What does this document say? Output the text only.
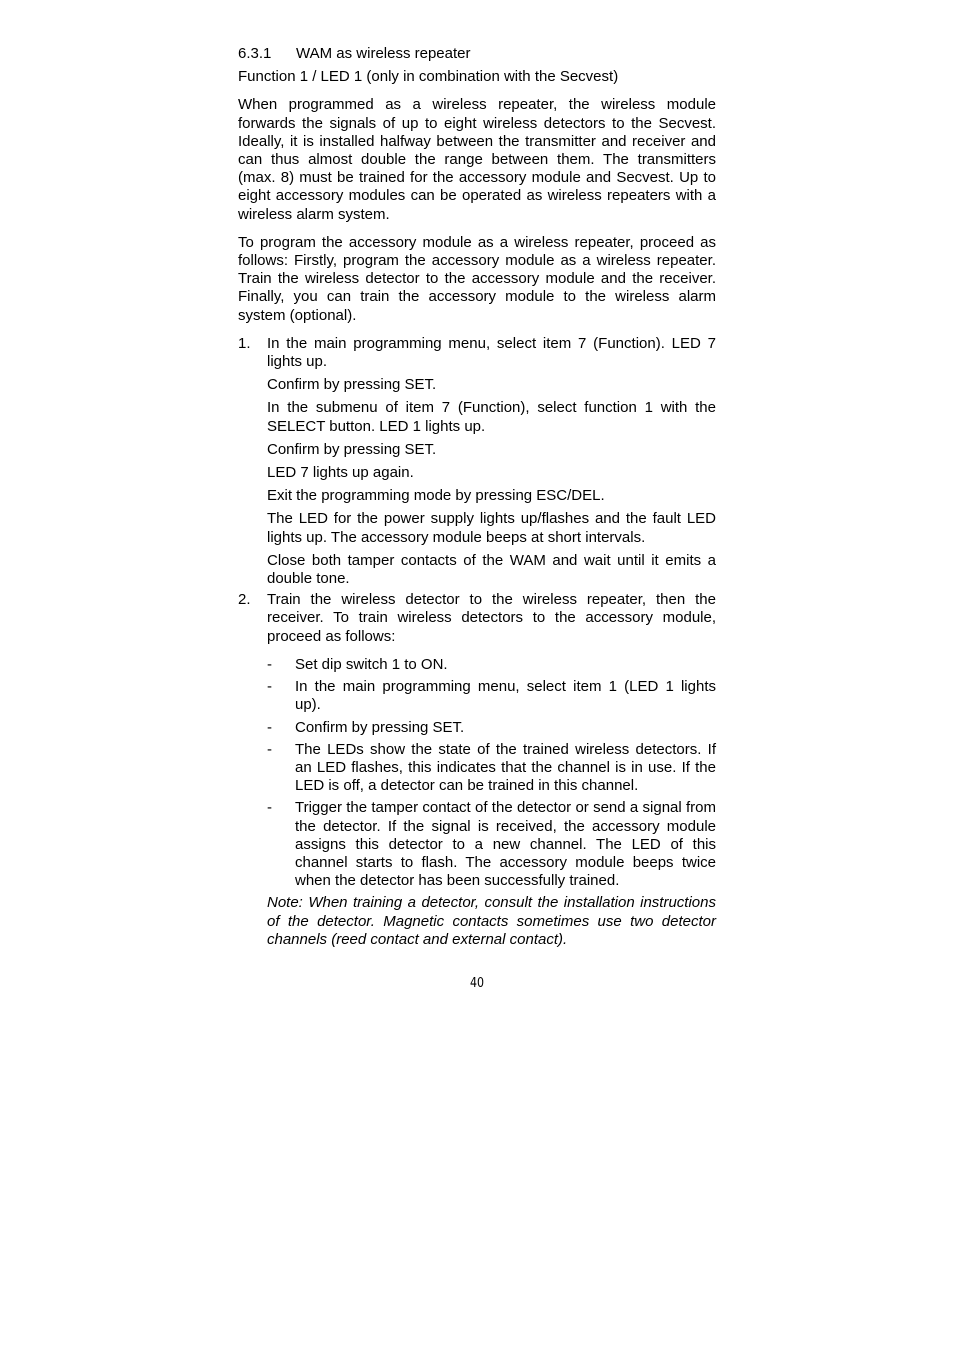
6.3.1	WAM as wireless repeater

Function 1 / LED 1 (only in combination with the Secvest)

When programmed as a wireless repeater, the wireless module forwards the signals of up to eight wireless detectors to the Secvest. Ideally, it is installed halfway between the transmitter and receiver and can thus almost double the range between them. The transmitters (max. 8) must be trained for the accessory module and Secvest. Up to eight accessory modules can be operated as wireless repeaters with a wireless alarm system.

To program the accessory module as a wireless repeater, proceed as follows: Firstly, program the accessory module as a wireless repeater. Train the wireless detector to the accessory module and the receiver. Finally, you can train the accessory module to the wireless alarm system (optional).

1.	In the main programming menu, select item 7 (Function). LED 7 lights up.

Confirm by pressing SET.

In the submenu of item 7 (Function), select function 1 with the SELECT button. LED 1 lights up.

Confirm by pressing SET.

LED 7 lights up again.

Exit the programming mode by pressing ESC/DEL.

The LED for the power supply lights up/flashes and the fault LED lights up. The accessory module beeps at short intervals.

Close both tamper contacts of the WAM and wait until it emits a double tone.

2.	Train the wireless detector to the wireless repeater, then the receiver. To train wireless detectors to the accessory module, proceed as follows:

-	Set dip switch 1 to ON.
-	In the main programming menu, select item 1 (LED 1 lights up).
-	Confirm by pressing SET.
-	The LEDs show the state of the trained wireless detectors. If an LED flashes, this indicates that the channel is in use. If the LED is off, a detector can be trained in this channel.
-	Trigger the tamper contact of the detector or send a signal from the detector. If the signal is received, the accessory module assigns this detector to a new channel. The LED of this channel starts to flash. The accessory module beeps twice when the detector has been successfully trained.

Note: When training a detector, consult the installation instructions of the detector. Magnetic contacts sometimes use two detector channels (reed contact and external contact).

40
